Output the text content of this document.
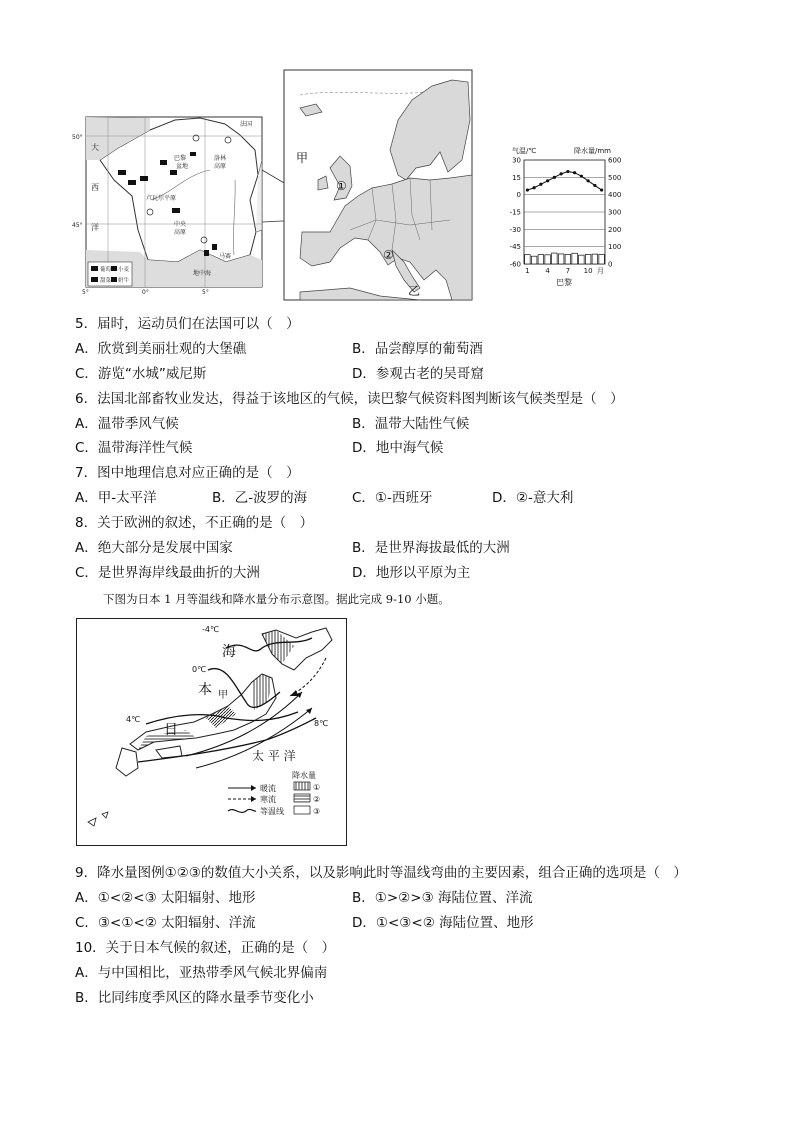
法国
50°
45°
5°	0°	5°
大
西
洋
地中海
巴黎
盆地
洛林
高原
中央
高原
马赛
卢瓦尔平原
葡萄 小麦
甜菜 奶牛
甲
乙
①
②
气温/℃	降水量/mm
巴黎
30
15
0
-15
-30
-45
-60
600
500
400
300
200
100
0
1 4 7 10 月
5．届时，运动员们在法国可以（　）
A．欣赏到美丽壮观的大堡礁	B．品尝醇厚的葡萄酒
C．游览“水城”威尼斯	D．参观古老的吴哥窟
6．法国北部畜牧业发达，得益于该地区的气候，读巴黎气候资料图判断该气候类型是（　）
A．温带季风气候	B．温带大陆性气候
C．温带海洋性气候	D．地中海气候
7．图中地理信息对应正确的是（　）
A．甲-太平洋	B．乙-波罗的海	C．①-西班牙	D．②-意大利
8．关于欧洲的叙述，不正确的是（　）
A．绝大部分是发展中国家	B．是世界海拔最低的大洲
C．是世界海岸线最曲折的大洲	D．地形以平原为主
下图为日本 1 月等温线和降水量分布示意图。据此完成 9-10 小题。
-4℃
0℃
4℃	8℃
海
本
日
甲
太 平 洋
暖流
寒流
等温线
降水量
①
②
③
9．降水量图例①②③的数值大小关系，以及影响此时等温线弯曲的主要因素，组合正确的选项是（　）
A．①<②<③ 太阳辐射、地形	B．①>②>③ 海陆位置、洋流
C．③<①<② 太阳辐射、洋流	D．①<③<② 海陆位置、地形
10．关于日本气候的叙述，正确的是（　）
A．与中国相比，亚热带季风气候北界偏南
B．比同纬度季风区的降水量季节变化小
